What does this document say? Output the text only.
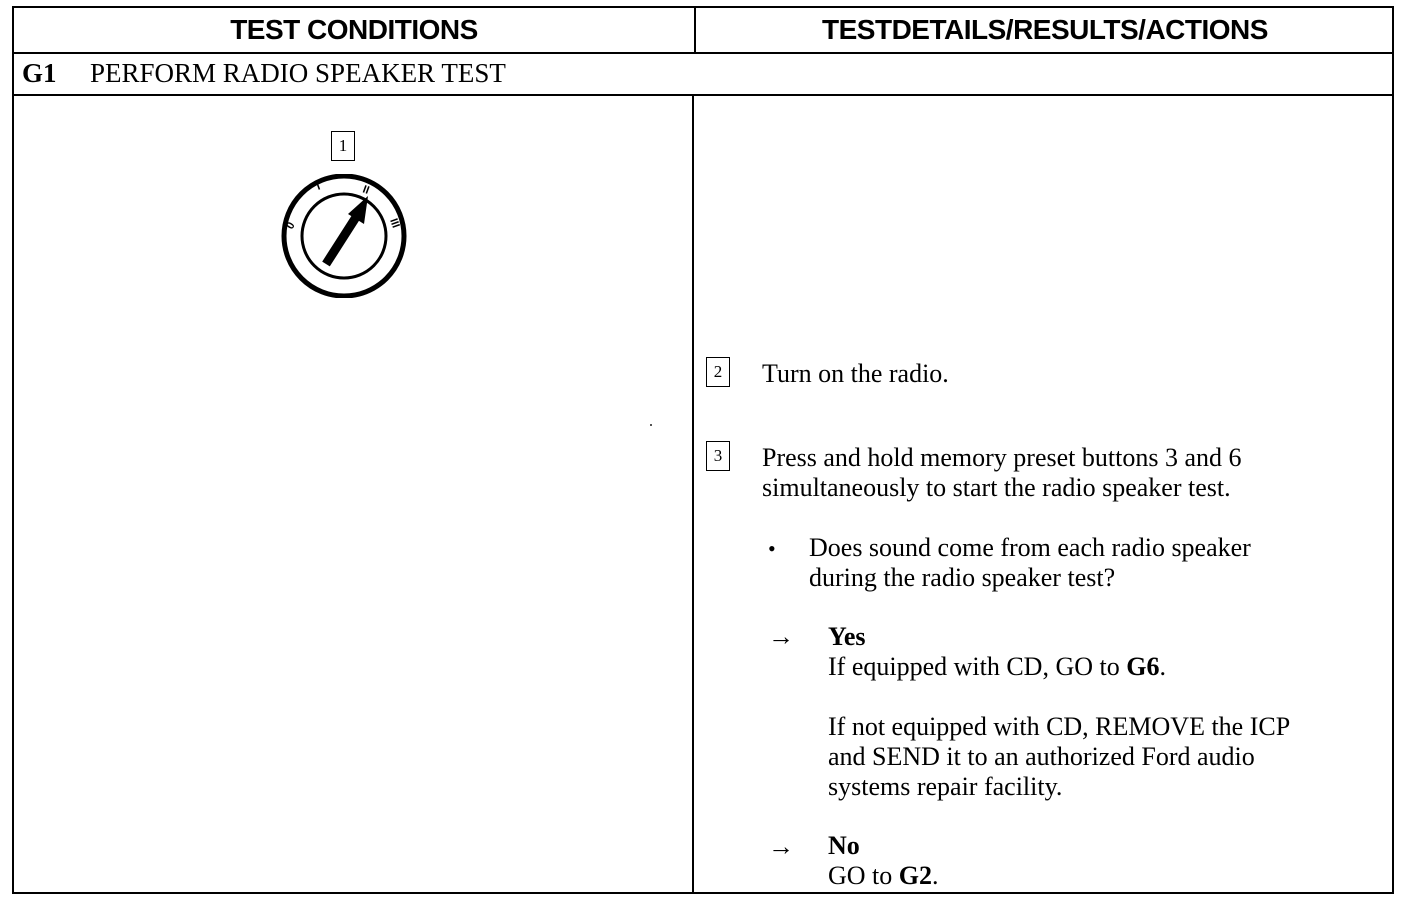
TEST CONDITIONS	TESTDETAILS/RESULTS/ACTIONS
G1 PERFORM RADIO SPEAKER TEST
1
0
I	II
III
2 Turn on the radio.
3 Press and hold memory preset buttons 3 and 6
simultaneously to start the radio speaker test.
• Does sound come from each radio speaker
during the radio speaker test?
→ Yes
If equipped with CD, GO to G6.
If not equipped with CD, REMOVE the ICP
and SEND it to an authorized Ford audio
systems repair facility.
→ No
GO to G2.
